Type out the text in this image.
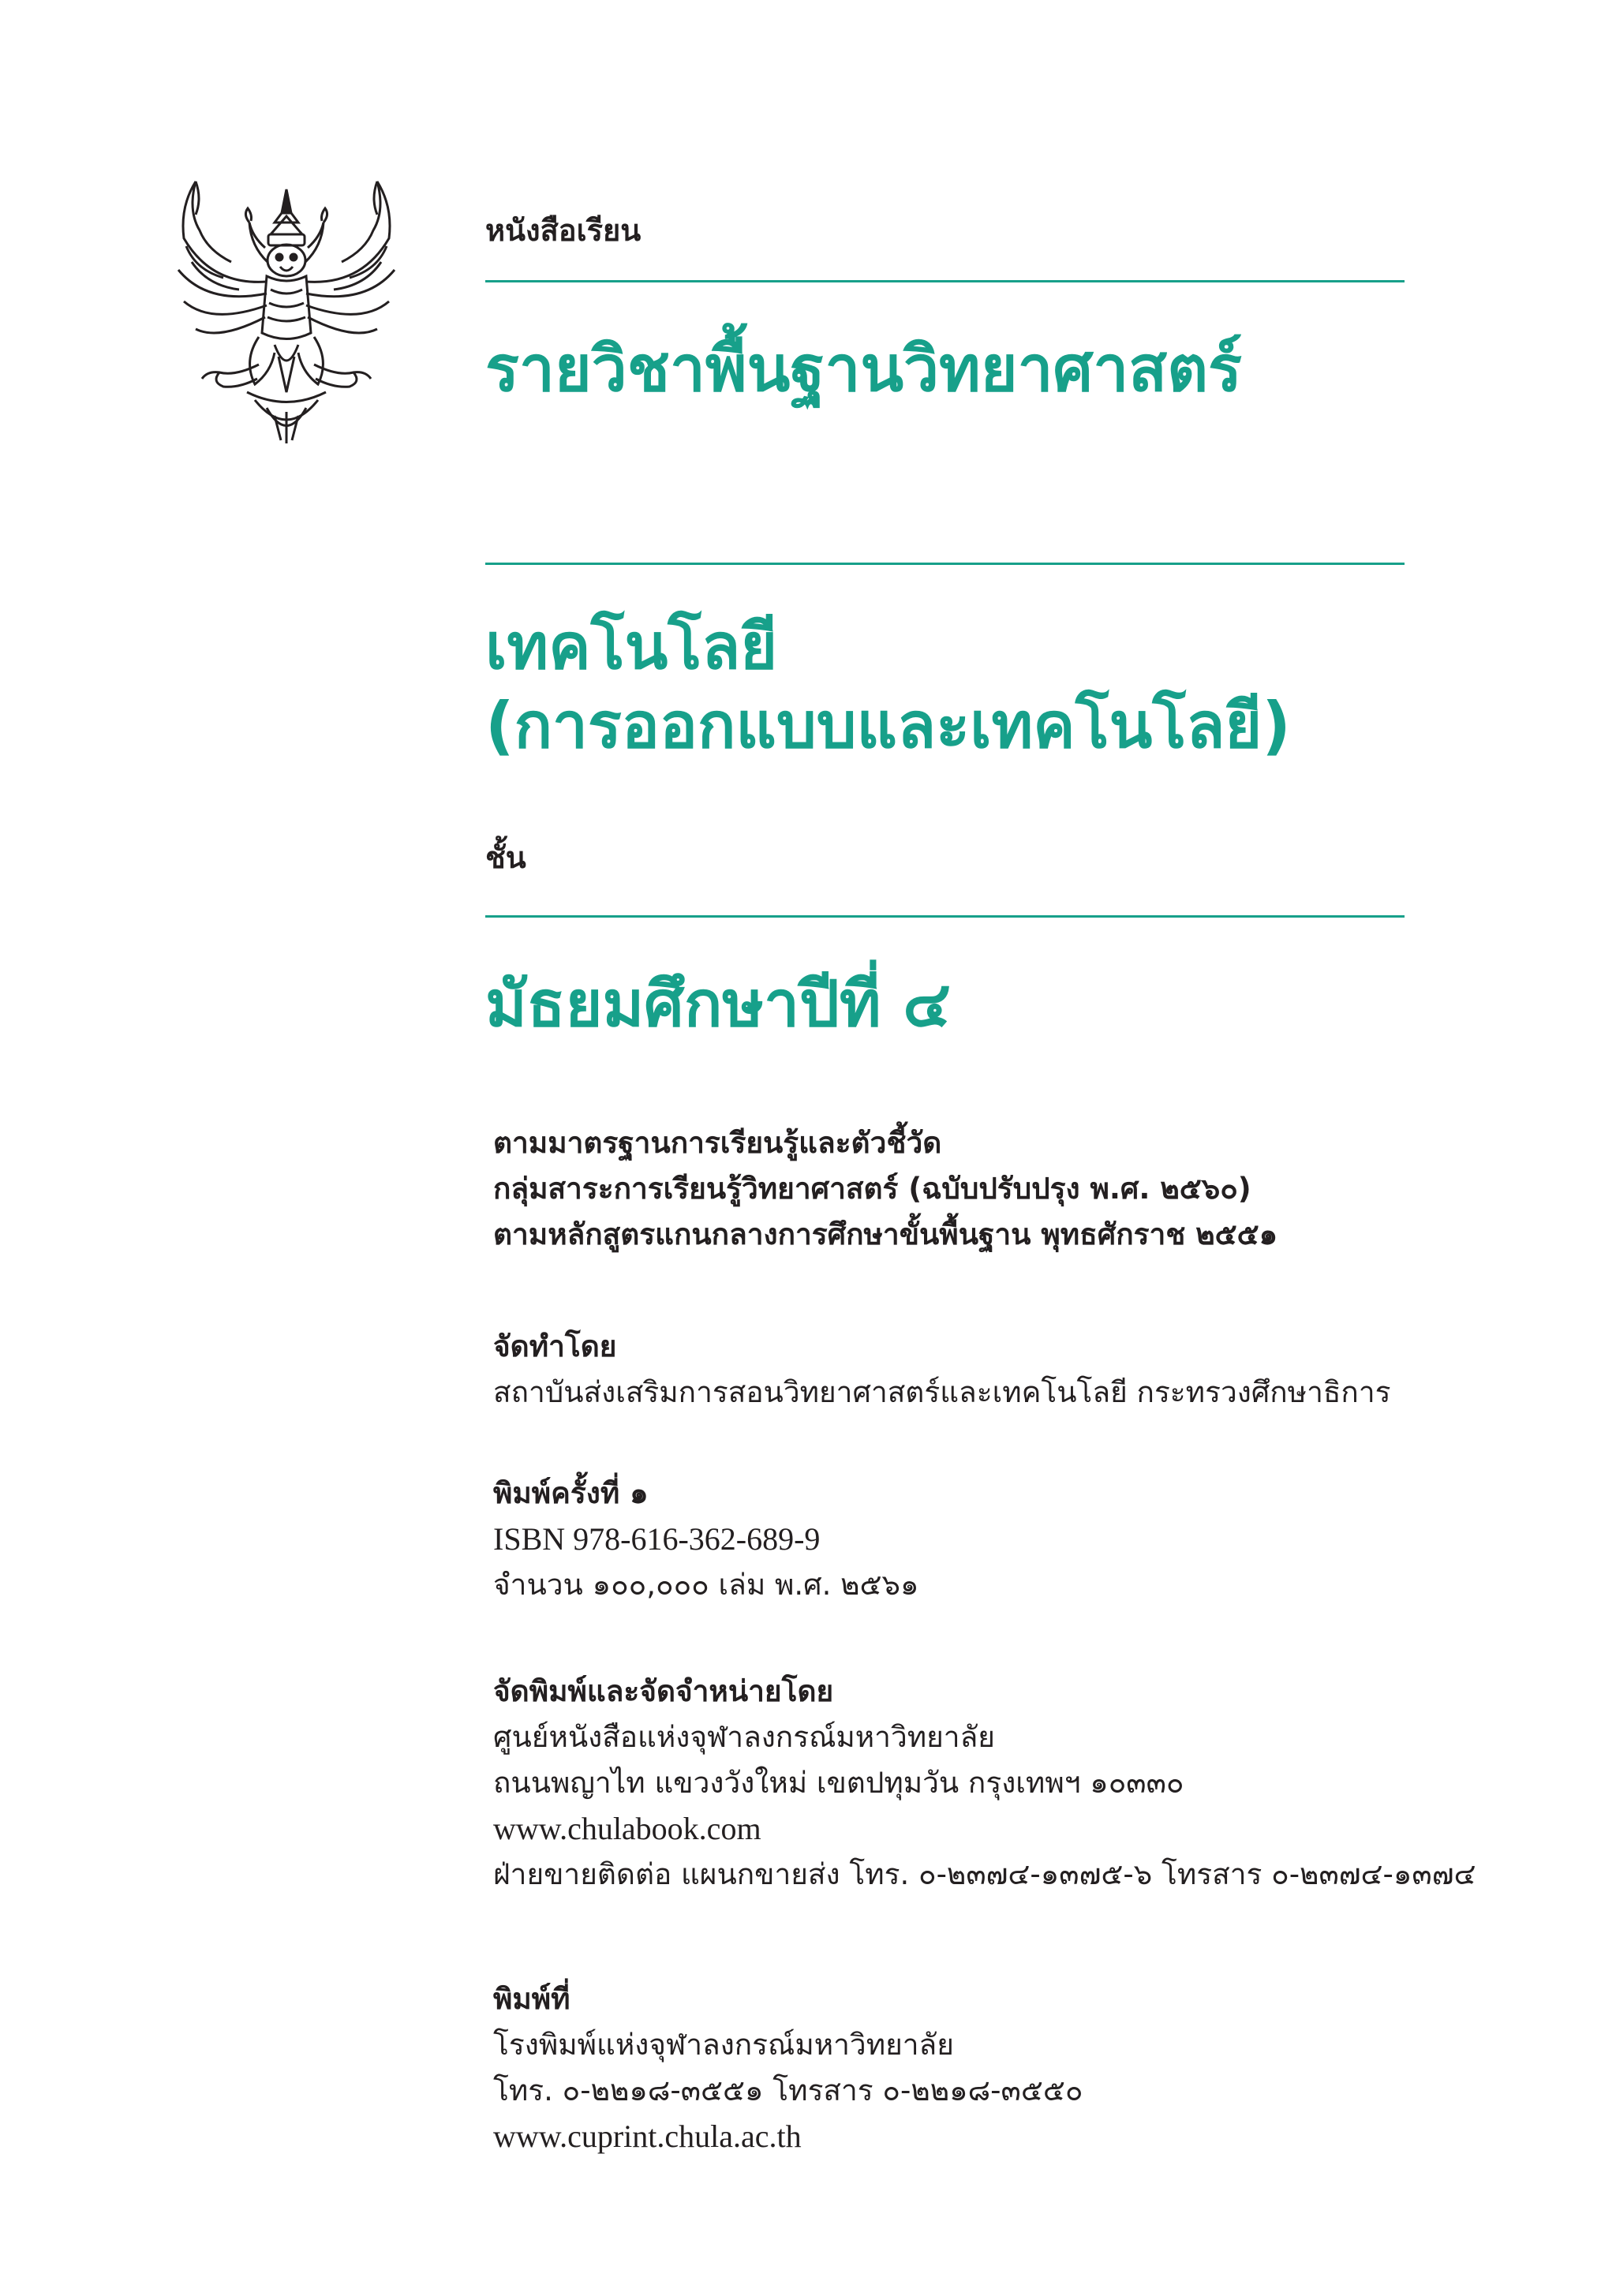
หนังสือเรียน
รายวิชาพื้นฐานวิทยาศาสตร์
เทคโนโลยี
(การออกแบบและเทคโนโลยี)
ชั้น
มัธยมศึกษาปีที่ ๔
ตามมาตรฐานการเรียนรู้และตัวชี้วัด
กลุ่มสาระการเรียนรู้วิทยาศาสตร์ (ฉบับปรับปรุง พ.ศ. ๒๕๖๐)
ตามหลักสูตรแกนกลางการศึกษาขั้นพื้นฐาน พุทธศักราช ๒๕๕๑
จัดทำโดย
สถาบันส่งเสริมการสอนวิทยาศาสตร์และเทคโนโลยี กระทรวงศึกษาธิการ
พิมพ์ครั้งที่ ๑
ISBN 978-616-362-689-9
จำนวน ๑๐๐,๐๐๐ เล่ม พ.ศ. ๒๕๖๑
จัดพิมพ์และจัดจำหน่ายโดย
ศูนย์หนังสือแห่งจุฬาลงกรณ์มหาวิทยาลัย
ถนนพญาไท แขวงวังใหม่ เขตปทุมวัน กรุงเทพฯ ๑๐๓๓๐
www.chulabook.com
ฝ่ายขายติดต่อ แผนกขายส่ง โทร. ๐-๒๓๗๔-๑๓๗๕-๖ โทรสาร ๐-๒๓๗๔-๑๓๗๔
พิมพ์ที่
โรงพิมพ์แห่งจุฬาลงกรณ์มหาวิทยาลัย
โทร. ๐-๒๒๑๘-๓๕๕๑ โทรสาร ๐-๒๒๑๘-๓๕๕๐
www.cuprint.chula.ac.th
